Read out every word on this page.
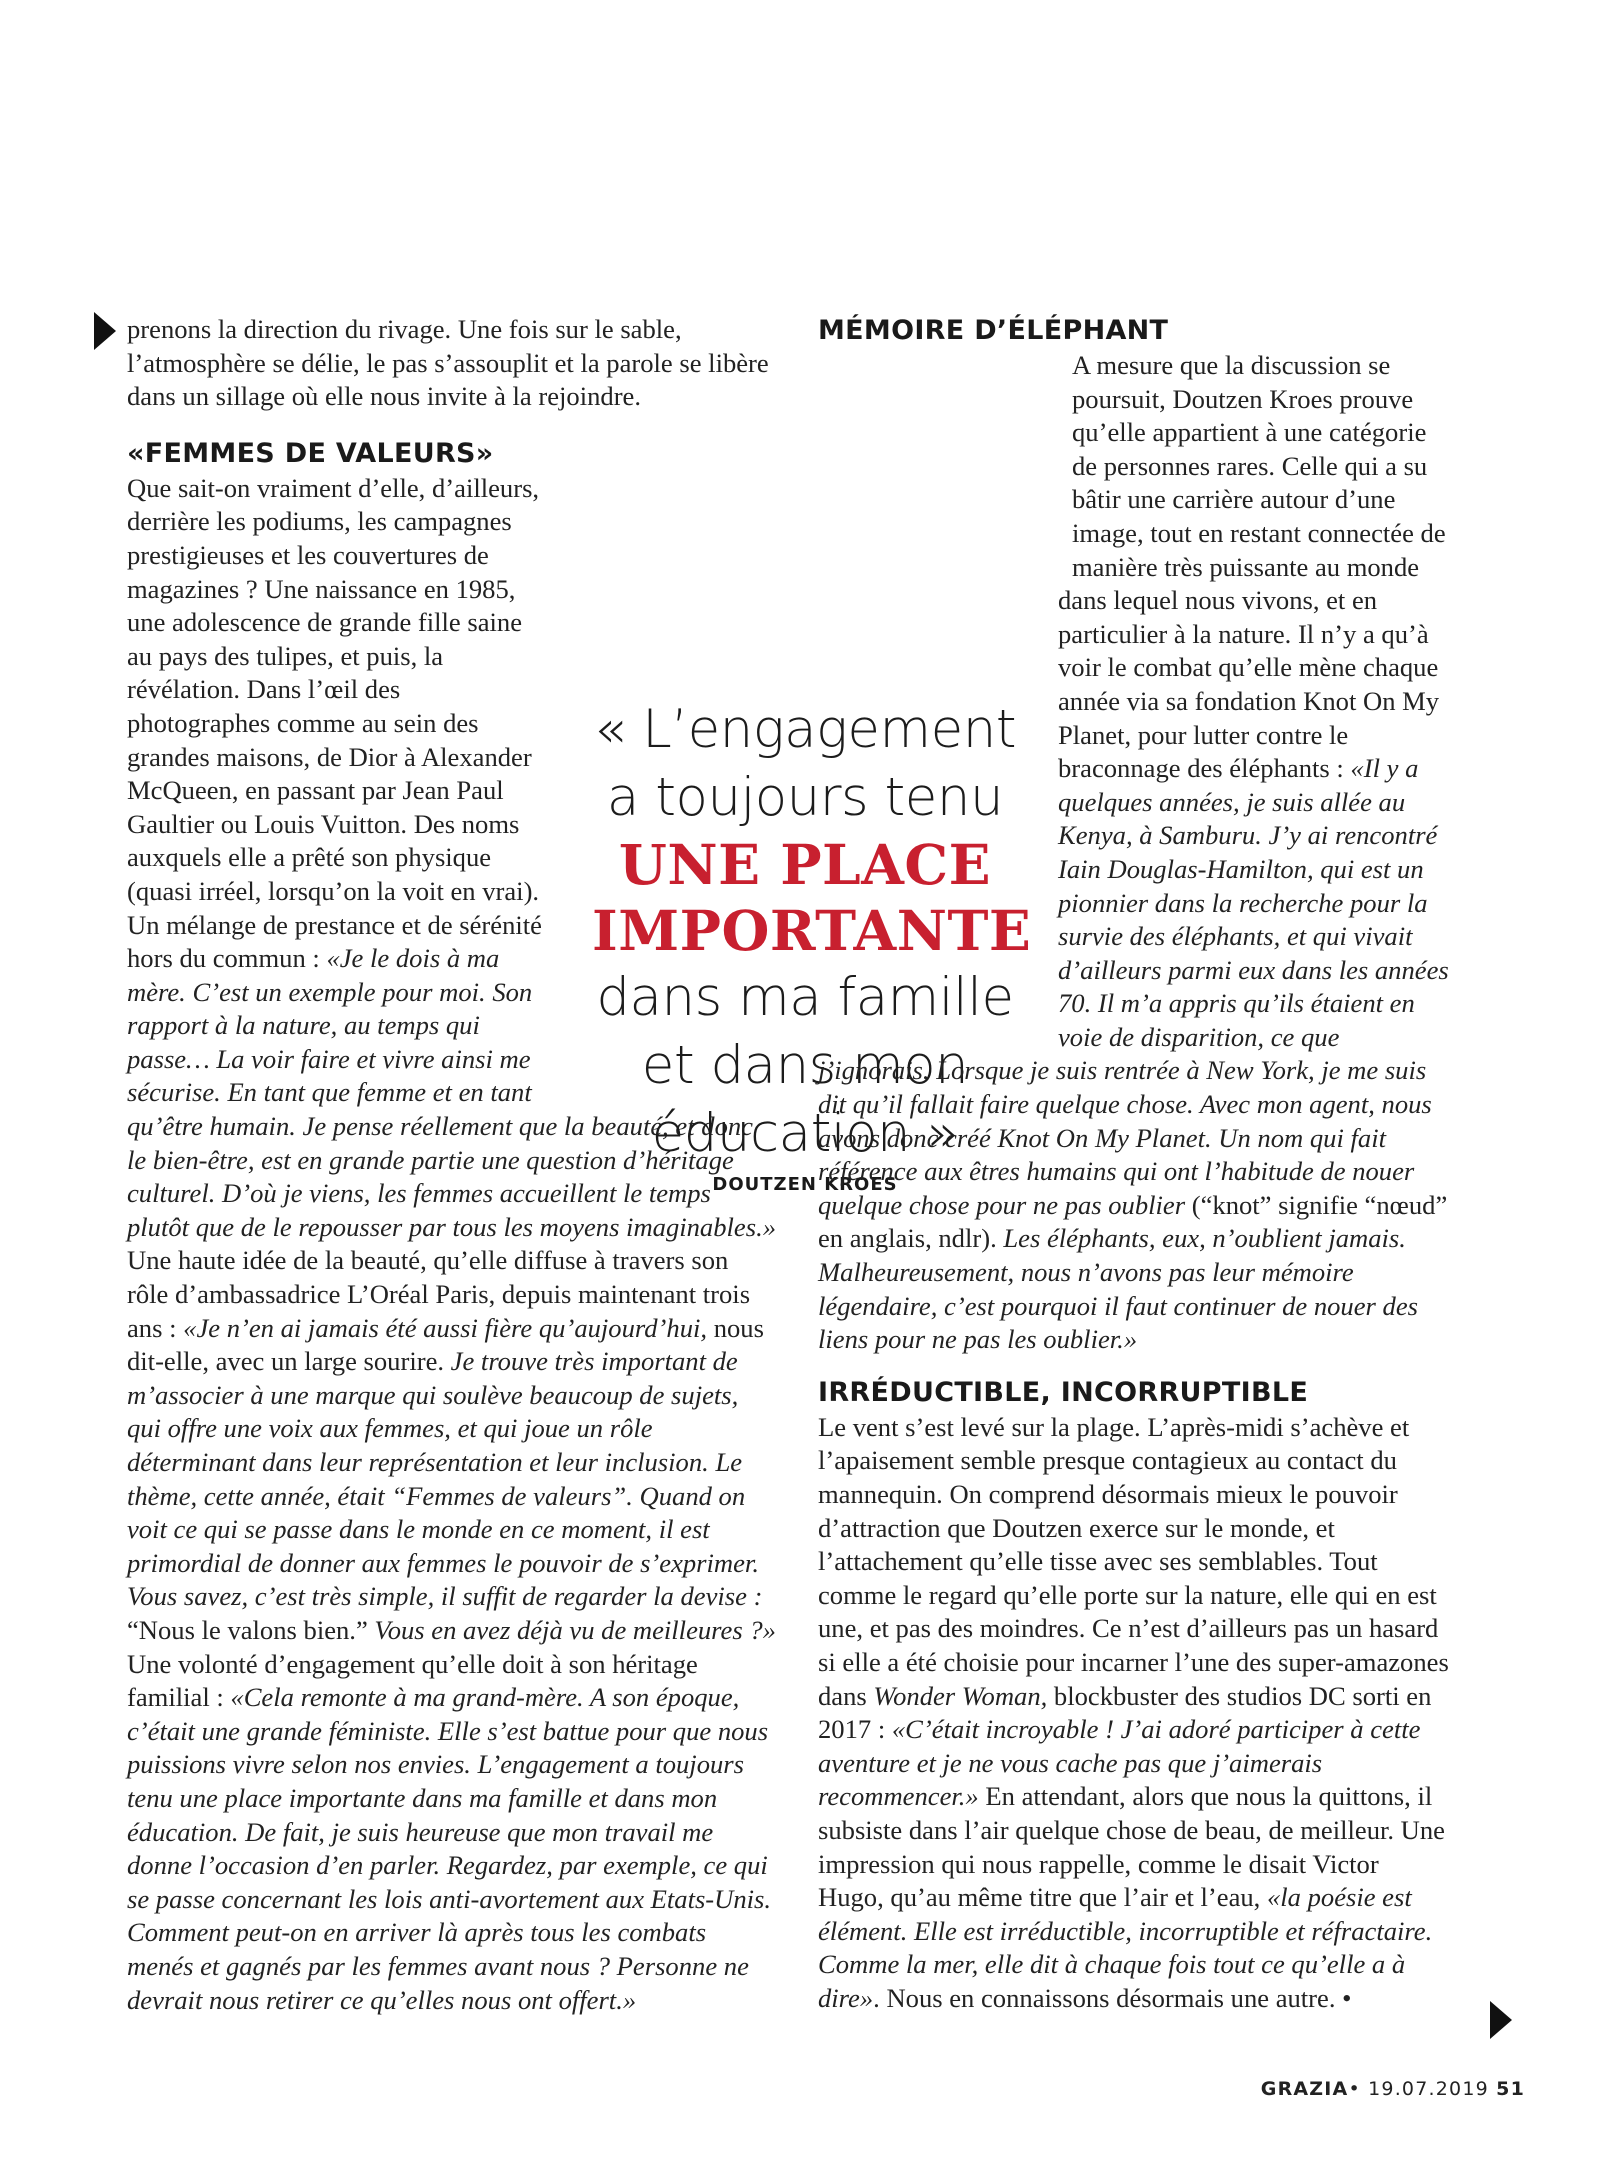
prenons la direction du rivage. Une fois sur le sable, l’atmosphère se délie, le pas s’assouplit et la parole se libère dans un sillage où elle nous invite à la rejoindre.

«FEMMES DE VALEURS»

Que sait-on vraiment d’elle, d’ailleurs, derrière les podiums, les campagnes prestigieuses et les couvertures de magazines ? Une naissance en 1985, une adolescence de grande fille saine au pays des tulipes, et puis, la révélation. Dans l’œil des photographes comme au sein des grandes maisons, de Dior à Alexander McQueen, en passant par Jean Paul Gaultier ou Louis Vuitton. Des noms auxquels elle a prêté son physique (quasi irréel, lorsqu’on la voit en vrai). Un mélange de prestance et de sérénité hors du commun : «Je le dois à ma mère. C’est un exemple pour moi. Son rapport à la nature, au temps qui passe… La voir faire et vivre ainsi me sécurise. En tant que femme et en tant qu’être humain. Je pense réellement que la beauté, et donc le bien-être, est en grande partie une question d’héritage culturel. D’où je viens, les femmes accueillent le temps plutôt que de le repousser par tous les moyens imaginables.» Une haute idée de la beauté, qu’elle diffuse à travers son rôle d’ambassadrice L’Oréal Paris, depuis maintenant trois ans : «Je n’en ai jamais été aussi fière qu’aujourd’hui, nous dit-elle, avec un large sourire. Je trouve très important de m’associer à une marque qui soulève beaucoup de sujets, qui offre une voix aux femmes, et qui joue un rôle déterminant dans leur représentation et leur inclusion. Le thème, cette année, était “Femmes de valeurs”. Quand on voit ce qui se passe dans le monde en ce moment, il est primordial de donner aux femmes le pouvoir de s’exprimer. Vous savez, c’est très simple, il suffit de regarder la devise : “Nous le valons bien.” Vous en avez déjà vu de meilleures ?» Une volonté d’engagement qu’elle doit à son héritage familial : «Cela remonte à ma grand-mère. A son époque, c’était une grande féministe. Elle s’est battue pour que nous puissions vivre selon nos envies. L’engagement a toujours tenu une place importante dans ma famille et dans mon éducation. De fait, je suis heureuse que mon travail me donne l’occasion d’en parler. Regardez, par exemple, ce qui se passe concernant les lois anti-avortement aux Etats-Unis. Comment peut-on en arriver là après tous les combats menés et gagnés par les femmes avant nous ? Personne ne devrait nous retirer ce qu’elles nous ont offert.»

« L’engagement a toujours tenu
UNE PLACE IMPORTANTE
dans ma famille et dans mon éducation »
DOUTZEN KROES
MÉMOIRE D’ÉLÉPHANT

A mesure que la discussion se poursuit, Doutzen Kroes prouve qu’elle appartient à une catégorie de personnes rares. Celle qui a su bâtir une carrière autour d’une image, tout en restant connectée de manière très puissante au monde dans lequel nous vivons, et en particulier à la nature. Il n’y a qu’à voir le combat qu’elle mène chaque année via sa fondation Knot On My Planet, pour lutter contre le braconnage des éléphants : «Il y a quelques années, je suis allée au Kenya, à Samburu. J’y ai rencontré Iain Douglas-Hamilton, qui est un pionnier dans la recherche pour la survie des éléphants, et qui vivait d’ailleurs parmi eux dans les années 70. Il m’a appris qu’ils étaient en voie de disparition, ce que j’ignorais. Lorsque je suis rentrée à New York, je me suis dit qu’il fallait faire quelque chose. Avec mon agent, nous avons donc créé Knot On My Planet. Un nom qui fait référence aux êtres humains qui ont l’habitude de nouer quelque chose pour ne pas oublier (“knot” signifie “nœud” en anglais, ndlr). Les éléphants, eux, n’oublient jamais. Malheureusement, nous n’avons pas leur mémoire légendaire, c’est pourquoi il faut continuer de nouer des liens pour ne pas les oublier.»

IRRÉDUCTIBLE, INCORRUPTIBLE

Le vent s’est levé sur la plage. L’après-midi s’achève et l’apaisement semble presque contagieux au contact du mannequin. On comprend désormais mieux le pouvoir d’attraction que Doutzen exerce sur le monde, et l’attachement qu’elle tisse avec ses semblables. Tout comme le regard qu’elle porte sur la nature, elle qui en est une, et pas des moindres. Ce n’est d’ailleurs pas un hasard si elle a été choisie pour incarner l’une des super-amazones dans Wonder Woman, blockbuster des studios DC sorti en 2017 : «C’était incroyable ! J’ai adoré participer à cette aventure et je ne vous cache pas que j’aimerais recommencer.» En attendant, alors que nous la quittons, il subsiste dans l’air quelque chose de beau, de meilleur. Une impression qui nous rappelle, comme le disait Victor Hugo, qu’au même titre que l’air et l’eau, «la poésie est élément. Elle est irréductible, incorruptible et réfractaire. Comme la mer, elle dit à chaque fois tout ce qu’elle a à dire». Nous en connaissons désormais une autre. •

GRAZIA• 19.07.2019 51
